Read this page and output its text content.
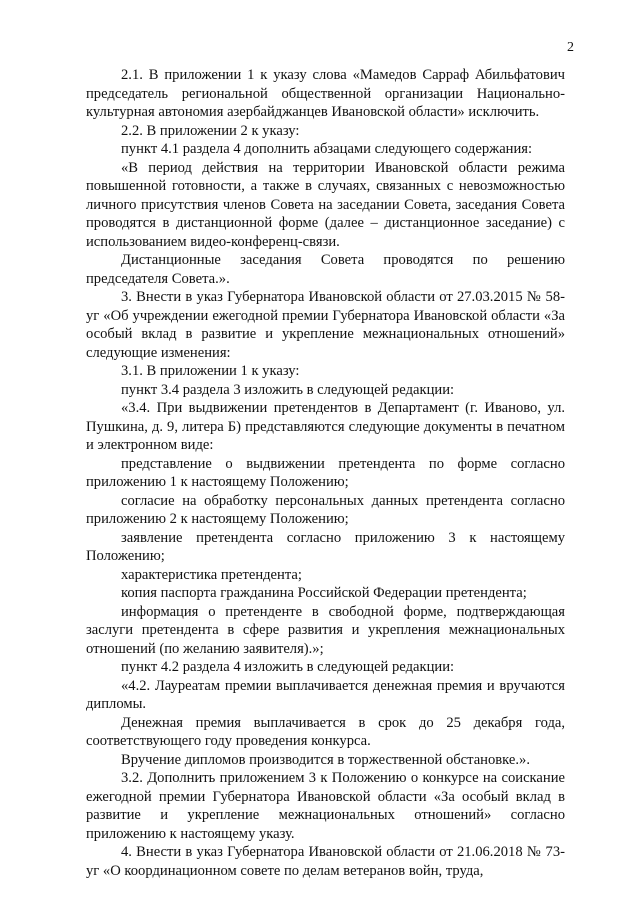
2

2.1. В приложении 1 к указу слова «Мамедов Сарраф Абильфатович председатель региональной общественной организации Национально-культурная автономия азербайджанцев Ивановской области» исключить.

2.2. В приложении 2 к указу:

пункт 4.1 раздела 4 дополнить абзацами следующего содержания:

«В период действия на территории Ивановской области режима повышенной готовности, а также в случаях, связанных с невозможностью личного присутствия членов Совета на заседании Совета, заседания Совета проводятся в дистанционной форме (далее – дистанционное заседание) с использованием видео-конференц-связи.

Дистанционные заседания Совета проводятся по решению председателя Совета.».

3. Внести в указ Губернатора Ивановской области от 27.03.2015 № 58-уг «Об учреждении ежегодной премии Губернатора Ивановской области «За особый вклад в развитие и укрепление межнациональных отношений» следующие изменения:

3.1. В приложении 1 к указу:

пункт 3.4 раздела 3 изложить в следующей редакции:

«3.4. При выдвижении претендентов в Департамент (г. Иваново, ул. Пушкина, д. 9, литера Б) представляются следующие документы в печатном и электронном виде:

представление о выдвижении претендента по форме согласно приложению 1 к настоящему Положению;

согласие на обработку персональных данных претендента согласно приложению 2 к настоящему Положению;

заявление претендента согласно приложению 3 к настоящему Положению;

характеристика претендента;

копия паспорта гражданина Российской Федерации претендента;

информация о претенденте в свободной форме, подтверждающая заслуги претендента в сфере развития и укрепления межнациональных отношений (по желанию заявителя).»;

пункт 4.2 раздела 4 изложить в следующей редакции:

«4.2. Лауреатам премии выплачивается денежная премия и вручаются дипломы.

Денежная премия выплачивается в срок до 25 декабря года, соответствующего году проведения конкурса.

Вручение дипломов производится в торжественной обстановке.».

3.2. Дополнить приложением 3 к Положению о конкурсе на соискание ежегодной премии Губернатора Ивановской области «За особый вклад в развитие и укрепление межнациональных отношений» согласно приложению к настоящему указу.

4. Внести в указ Губернатора Ивановской области от 21.06.2018 № 73-уг «О координационном совете по делам ветеранов войн, труда,
